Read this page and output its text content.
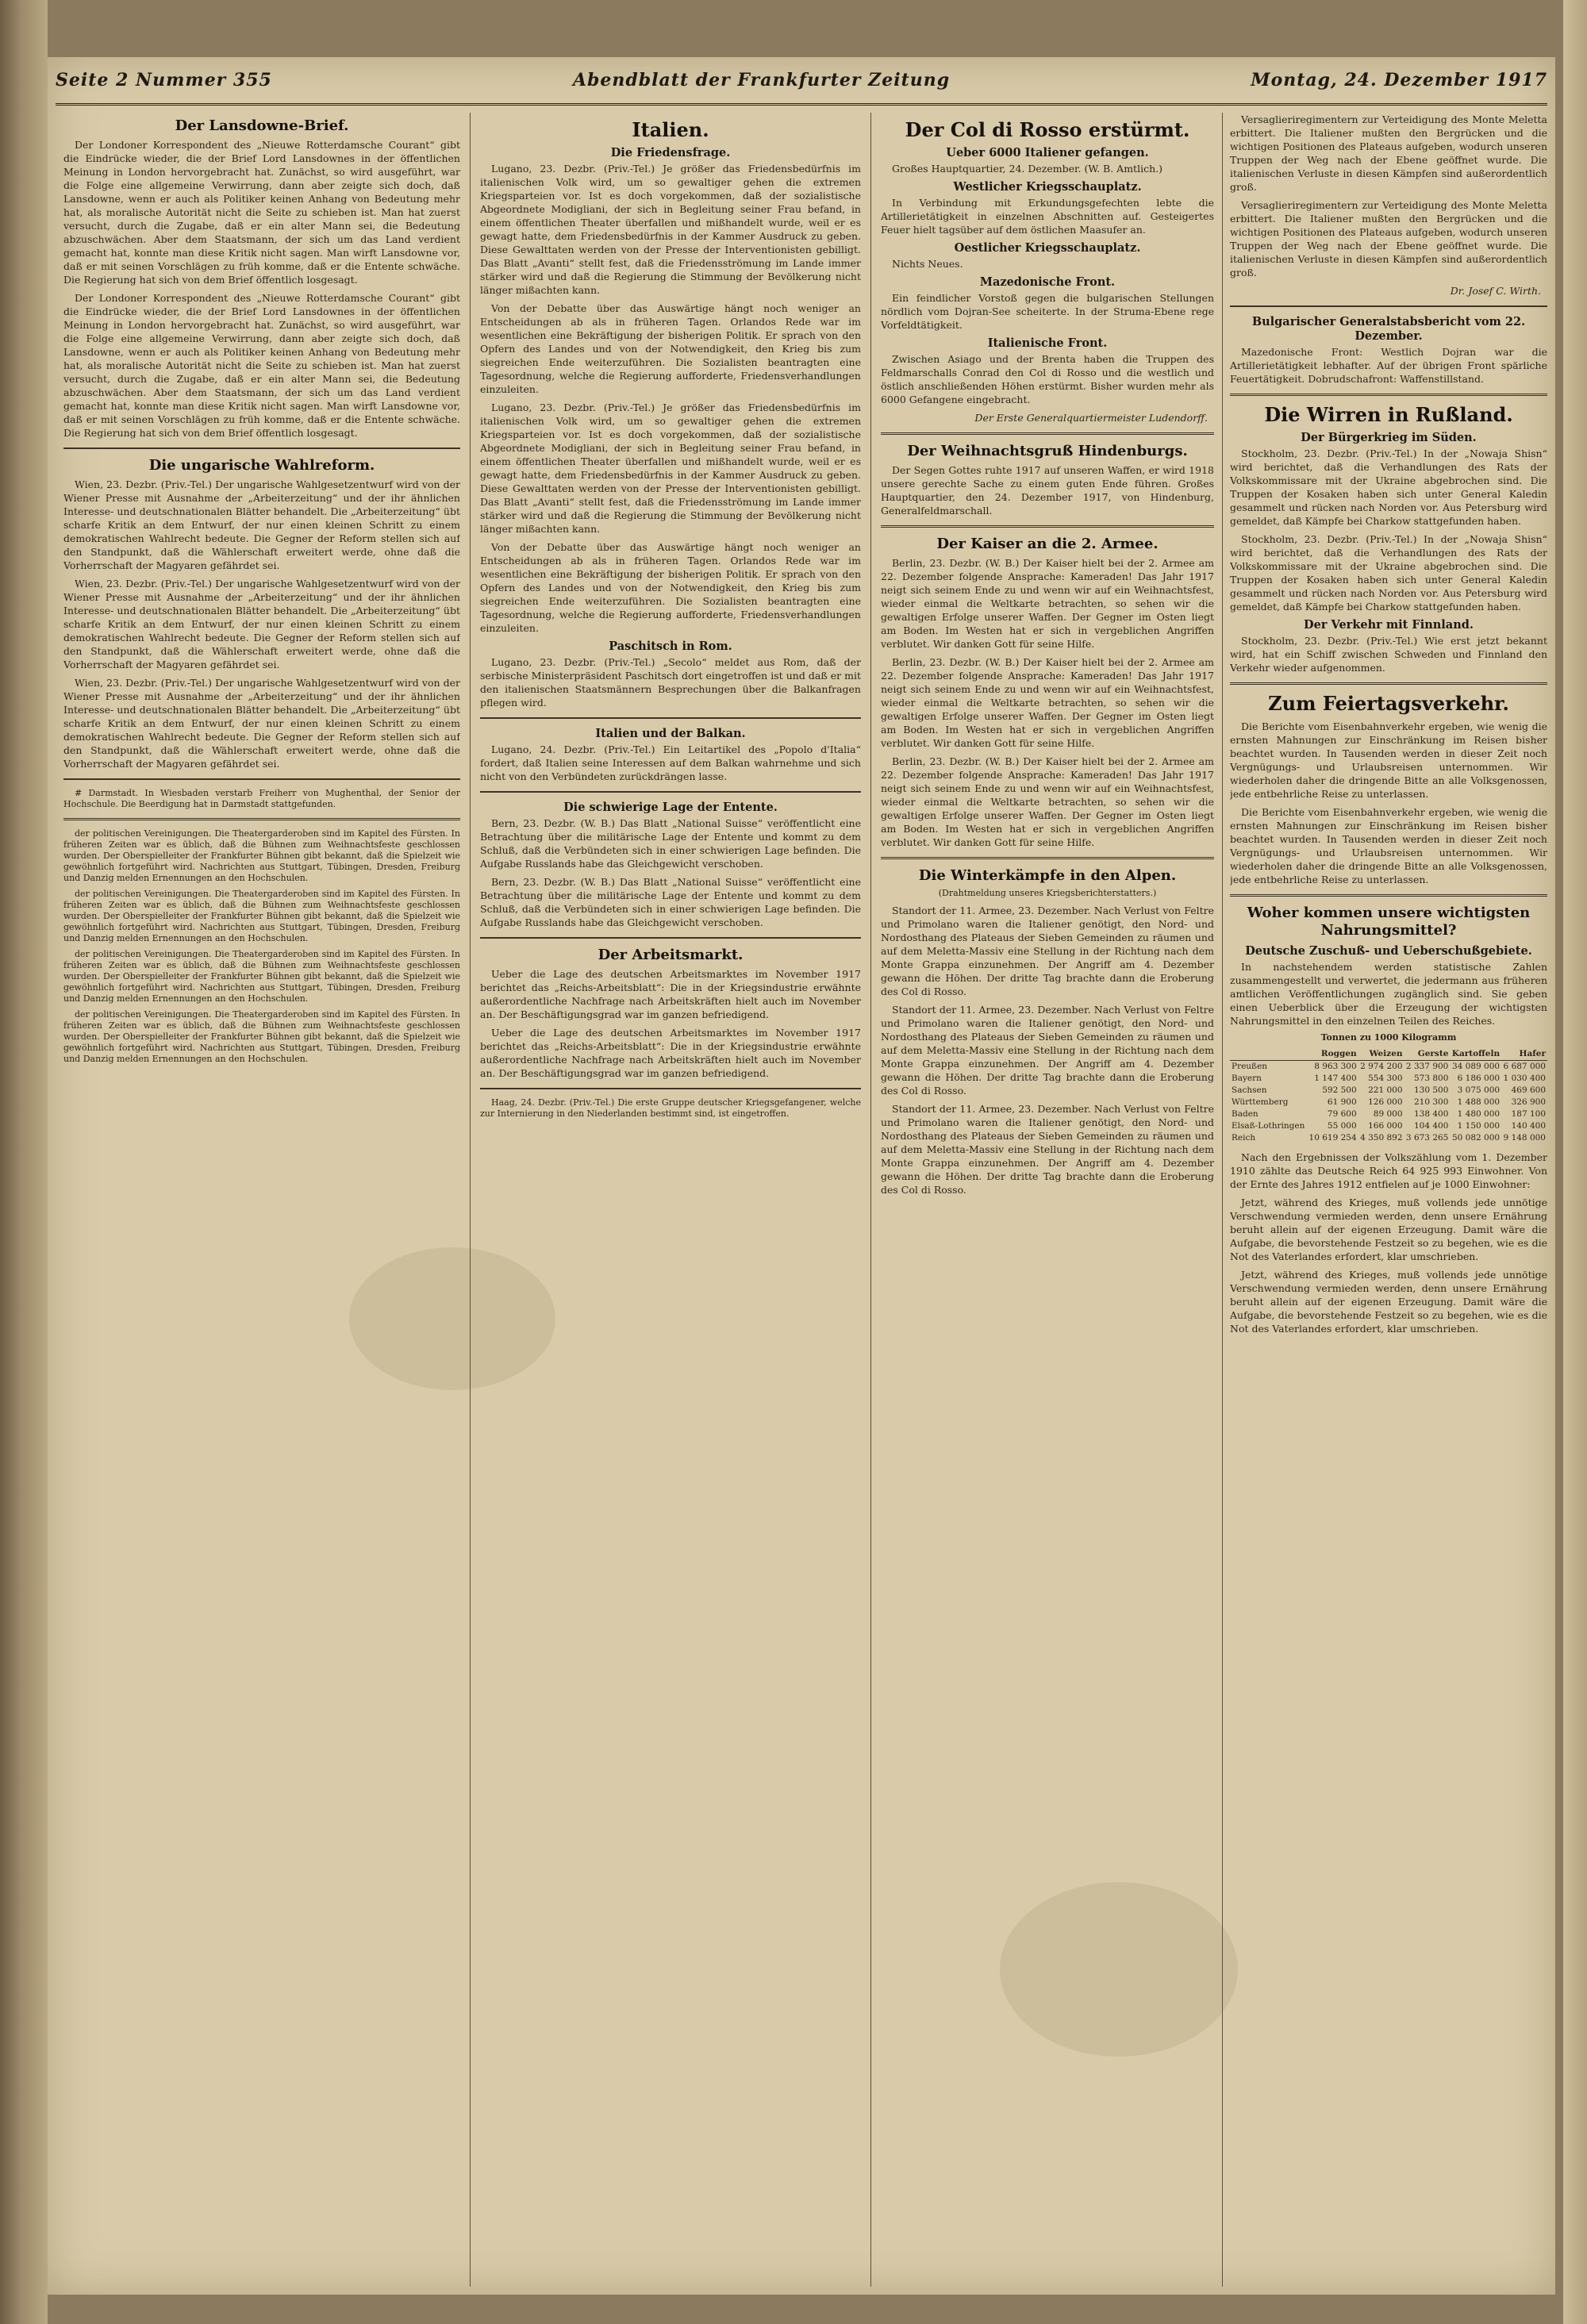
Seite 2 Nummer 355	Abendblatt der Frankfurter Zeitung	Montag, 24. Dezember 1917
Der Lansdowne-Brief.

Der Londoner Korrespondent des „Nieuwe Rotterdamsche Courant“ gibt die Eindrücke wieder, die der Brief Lord Lansdownes in der öffentlichen Meinung in London hervorgebracht hat. Zunächst, so wird ausgeführt, war die Folge eine allgemeine Verwirrung, dann aber zeigte sich doch, daß Lansdowne, wenn er auch als Politiker keinen Anhang von Bedeutung mehr hat, als moralische Autorität nicht die Seite zu schieben ist. Man hat zuerst versucht, durch die Zugabe, daß er ein alter Mann sei, die Bedeutung abzuschwächen. Aber dem Staatsmann, der sich um das Land verdient gemacht hat, konnte man diese Kritik nicht sagen. Man wirft Lansdowne vor, daß er mit seinen Vorschlägen zu früh komme, daß er die Entente schwäche. Die Regierung hat sich von dem Brief öffentlich losgesagt.

Der Londoner Korrespondent des „Nieuwe Rotterdamsche Courant“ gibt die Eindrücke wieder, die der Brief Lord Lansdownes in der öffentlichen Meinung in London hervorgebracht hat. Zunächst, so wird ausgeführt, war die Folge eine allgemeine Verwirrung, dann aber zeigte sich doch, daß Lansdowne, wenn er auch als Politiker keinen Anhang von Bedeutung mehr hat, als moralische Autorität nicht die Seite zu schieben ist. Man hat zuerst versucht, durch die Zugabe, daß er ein alter Mann sei, die Bedeutung abzuschwächen. Aber dem Staatsmann, der sich um das Land verdient gemacht hat, konnte man diese Kritik nicht sagen. Man wirft Lansdowne vor, daß er mit seinen Vorschlägen zu früh komme, daß er die Entente schwäche. Die Regierung hat sich von dem Brief öffentlich losgesagt.

Die ungarische Wahlreform.

Wien, 23. Dezbr. (Priv.-Tel.) Der ungarische Wahlgesetzentwurf wird von der Wiener Presse mit Ausnahme der „Arbeiterzeitung“ und der ihr ähnlichen Interesse- und deutschnationalen Blätter behandelt. Die „Arbeiterzeitung“ übt scharfe Kritik an dem Entwurf, der nur einen kleinen Schritt zu einem demokratischen Wahlrecht bedeute. Die Gegner der Reform stellen sich auf den Standpunkt, daß die Wählerschaft erweitert werde, ohne daß die Vorherrschaft der Magyaren gefährdet sei.

Wien, 23. Dezbr. (Priv.-Tel.) Der ungarische Wahlgesetzentwurf wird von der Wiener Presse mit Ausnahme der „Arbeiterzeitung“ und der ihr ähnlichen Interesse- und deutschnationalen Blätter behandelt. Die „Arbeiterzeitung“ übt scharfe Kritik an dem Entwurf, der nur einen kleinen Schritt zu einem demokratischen Wahlrecht bedeute. Die Gegner der Reform stellen sich auf den Standpunkt, daß die Wählerschaft erweitert werde, ohne daß die Vorherrschaft der Magyaren gefährdet sei.

Wien, 23. Dezbr. (Priv.-Tel.) Der ungarische Wahlgesetzentwurf wird von der Wiener Presse mit Ausnahme der „Arbeiterzeitung“ und der ihr ähnlichen Interesse- und deutschnationalen Blätter behandelt. Die „Arbeiterzeitung“ übt scharfe Kritik an dem Entwurf, der nur einen kleinen Schritt zu einem demokratischen Wahlrecht bedeute. Die Gegner der Reform stellen sich auf den Standpunkt, daß die Wählerschaft erweitert werde, ohne daß die Vorherrschaft der Magyaren gefährdet sei.

# Darmstadt. In Wiesbaden verstarb Freiherr von Mughenthal, der Senior der Hochschule. Die Beerdigung hat in Darmstadt stattgefunden.

der politischen Vereinigungen. Die Theatergarderoben sind im Kapitel des Fürsten. In früheren Zeiten war es üblich, daß die Bühnen zum Weihnachtsfeste geschlossen wurden. Der Oberspielleiter der Frankfurter Bühnen gibt bekannt, daß die Spielzeit wie gewöhnlich fortgeführt wird. Nachrichten aus Stuttgart, Tübingen, Dresden, Freiburg und Danzig melden Ernennungen an den Hochschulen.

der politischen Vereinigungen. Die Theatergarderoben sind im Kapitel des Fürsten. In früheren Zeiten war es üblich, daß die Bühnen zum Weihnachtsfeste geschlossen wurden. Der Oberspielleiter der Frankfurter Bühnen gibt bekannt, daß die Spielzeit wie gewöhnlich fortgeführt wird. Nachrichten aus Stuttgart, Tübingen, Dresden, Freiburg und Danzig melden Ernennungen an den Hochschulen.

der politischen Vereinigungen. Die Theatergarderoben sind im Kapitel des Fürsten. In früheren Zeiten war es üblich, daß die Bühnen zum Weihnachtsfeste geschlossen wurden. Der Oberspielleiter der Frankfurter Bühnen gibt bekannt, daß die Spielzeit wie gewöhnlich fortgeführt wird. Nachrichten aus Stuttgart, Tübingen, Dresden, Freiburg und Danzig melden Ernennungen an den Hochschulen.

der politischen Vereinigungen. Die Theatergarderoben sind im Kapitel des Fürsten. In früheren Zeiten war es üblich, daß die Bühnen zum Weihnachtsfeste geschlossen wurden. Der Oberspielleiter der Frankfurter Bühnen gibt bekannt, daß die Spielzeit wie gewöhnlich fortgeführt wird. Nachrichten aus Stuttgart, Tübingen, Dresden, Freiburg und Danzig melden Ernennungen an den Hochschulen.

Italien.
Die Friedensfrage.

Lugano, 23. Dezbr. (Priv.-Tel.) Je größer das Friedensbedürfnis im italienischen Volk wird, um so gewaltiger gehen die extremen Kriegsparteien vor. Ist es doch vorgekommen, daß der sozialistische Abgeordnete Modigliani, der sich in Begleitung seiner Frau befand, in einem öffentlichen Theater überfallen und mißhandelt wurde, weil er es gewagt hatte, dem Friedensbedürfnis in der Kammer Ausdruck zu geben. Diese Gewalttaten werden von der Presse der Interventionisten gebilligt. Das Blatt „Avanti“ stellt fest, daß die Friedensströmung im Lande immer stärker wird und daß die Regierung die Stimmung der Bevölkerung nicht länger mißachten kann.

Von der Debatte über das Auswärtige hängt noch weniger an Entscheidungen ab als in früheren Tagen. Orlandos Rede war im wesentlichen eine Bekräftigung der bisherigen Politik. Er sprach von den Opfern des Landes und von der Notwendigkeit, den Krieg bis zum siegreichen Ende weiterzuführen. Die Sozialisten beantragten eine Tagesordnung, welche die Regierung aufforderte, Friedensverhandlungen einzuleiten.

Lugano, 23. Dezbr. (Priv.-Tel.) Je größer das Friedensbedürfnis im italienischen Volk wird, um so gewaltiger gehen die extremen Kriegsparteien vor. Ist es doch vorgekommen, daß der sozialistische Abgeordnete Modigliani, der sich in Begleitung seiner Frau befand, in einem öffentlichen Theater überfallen und mißhandelt wurde, weil er es gewagt hatte, dem Friedensbedürfnis in der Kammer Ausdruck zu geben. Diese Gewalttaten werden von der Presse der Interventionisten gebilligt. Das Blatt „Avanti“ stellt fest, daß die Friedensströmung im Lande immer stärker wird und daß die Regierung die Stimmung der Bevölkerung nicht länger mißachten kann.

Von der Debatte über das Auswärtige hängt noch weniger an Entscheidungen ab als in früheren Tagen. Orlandos Rede war im wesentlichen eine Bekräftigung der bisherigen Politik. Er sprach von den Opfern des Landes und von der Notwendigkeit, den Krieg bis zum siegreichen Ende weiterzuführen. Die Sozialisten beantragten eine Tagesordnung, welche die Regierung aufforderte, Friedensverhandlungen einzuleiten.

Paschitsch in Rom.

Lugano, 23. Dezbr. (Priv.-Tel.) „Secolo“ meldet aus Rom, daß der serbische Ministerpräsident Paschitsch dort eingetroffen ist und daß er mit den italienischen Staatsmännern Besprechungen über die Balkanfragen pflegen wird.

Italien und der Balkan.

Lugano, 24. Dezbr. (Priv.-Tel.) Ein Leitartikel des „Popolo d'Italia“ fordert, daß Italien seine Interessen auf dem Balkan wahrnehme und sich nicht von den Verbündeten zurückdrängen lasse.

Die schwierige Lage der Entente.

Bern, 23. Dezbr. (W. B.) Das Blatt „National Suisse“ veröffentlicht eine Betrachtung über die militärische Lage der Entente und kommt zu dem Schluß, daß die Verbündeten sich in einer schwierigen Lage befinden. Die Aufgabe Russlands habe das Gleichgewicht verschoben.

Bern, 23. Dezbr. (W. B.) Das Blatt „National Suisse“ veröffentlicht eine Betrachtung über die militärische Lage der Entente und kommt zu dem Schluß, daß die Verbündeten sich in einer schwierigen Lage befinden. Die Aufgabe Russlands habe das Gleichgewicht verschoben.

Der Arbeitsmarkt.

Ueber die Lage des deutschen Arbeitsmarktes im November 1917 berichtet das „Reichs-Arbeitsblatt“: Die in der Kriegsindustrie erwähnte außerordentliche Nachfrage nach Arbeitskräften hielt auch im November an. Der Beschäftigungsgrad war im ganzen befriedigend.

Ueber die Lage des deutschen Arbeitsmarktes im November 1917 berichtet das „Reichs-Arbeitsblatt“: Die in der Kriegsindustrie erwähnte außerordentliche Nachfrage nach Arbeitskräften hielt auch im November an. Der Beschäftigungsgrad war im ganzen befriedigend.

Haag, 24. Dezbr. (Priv.-Tel.) Die erste Gruppe deutscher Kriegsgefangener, welche zur Internierung in den Niederlanden bestimmt sind, ist eingetroffen.

Der Col di Rosso erstürmt.
Ueber 6000 Italiener gefangen.

Großes Hauptquartier, 24. Dezember. (W. B. Amtlich.)

Westlicher Kriegsschauplatz.

In Verbindung mit Erkundungsgefechten lebte die Artillerietätigkeit in einzelnen Abschnitten auf. Gesteigertes Feuer hielt tagsüber auf dem östlichen Maasufer an.

Oestlicher Kriegsschauplatz.

Nichts Neues.

Mazedonische Front.

Ein feindlicher Vorstoß gegen die bulgarischen Stellungen nördlich vom Dojran-See scheiterte. In der Struma-Ebene rege Vorfeldtätigkeit.

Italienische Front.

Zwischen Asiago und der Brenta haben die Truppen des Feldmarschalls Conrad den Col di Rosso und die westlich und östlich anschließenden Höhen erstürmt. Bisher wurden mehr als 6000 Gefangene eingebracht.

Der Erste Generalquartiermeister Ludendorff.

Der Weihnachtsgruß Hindenburgs.

Der Segen Gottes ruhte 1917 auf unseren Waffen, er wird 1918 unsere gerechte Sache zu einem guten Ende führen. Großes Hauptquartier, den 24. Dezember 1917, von Hindenburg, Generalfeldmarschall.

Der Kaiser an die 2. Armee.

Berlin, 23. Dezbr. (W. B.) Der Kaiser hielt bei der 2. Armee am 22. Dezember folgende Ansprache: Kameraden! Das Jahr 1917 neigt sich seinem Ende zu und wenn wir auf ein Weihnachtsfest, wieder einmal die Weltkarte betrachten, so sehen wir die gewaltigen Erfolge unserer Waffen. Der Gegner im Osten liegt am Boden. Im Westen hat er sich in vergeblichen Angriffen verblutet. Wir danken Gott für seine Hilfe.

Berlin, 23. Dezbr. (W. B.) Der Kaiser hielt bei der 2. Armee am 22. Dezember folgende Ansprache: Kameraden! Das Jahr 1917 neigt sich seinem Ende zu und wenn wir auf ein Weihnachtsfest, wieder einmal die Weltkarte betrachten, so sehen wir die gewaltigen Erfolge unserer Waffen. Der Gegner im Osten liegt am Boden. Im Westen hat er sich in vergeblichen Angriffen verblutet. Wir danken Gott für seine Hilfe.

Berlin, 23. Dezbr. (W. B.) Der Kaiser hielt bei der 2. Armee am 22. Dezember folgende Ansprache: Kameraden! Das Jahr 1917 neigt sich seinem Ende zu und wenn wir auf ein Weihnachtsfest, wieder einmal die Weltkarte betrachten, so sehen wir die gewaltigen Erfolge unserer Waffen. Der Gegner im Osten liegt am Boden. Im Westen hat er sich in vergeblichen Angriffen verblutet. Wir danken Gott für seine Hilfe.

Die Winterkämpfe in den Alpen.

(Drahtmeldung unseres Kriegsberichterstatters.)

Standort der 11. Armee, 23. Dezember. Nach Verlust von Feltre und Primolano waren die Italiener genötigt, den Nord- und Nordosthang des Plateaus der Sieben Gemeinden zu räumen und auf dem Meletta-Massiv eine Stellung in der Richtung nach dem Monte Grappa einzunehmen. Der Angriff am 4. Dezember gewann die Höhen. Der dritte Tag brachte dann die Eroberung des Col di Rosso.

Standort der 11. Armee, 23. Dezember. Nach Verlust von Feltre und Primolano waren die Italiener genötigt, den Nord- und Nordosthang des Plateaus der Sieben Gemeinden zu räumen und auf dem Meletta-Massiv eine Stellung in der Richtung nach dem Monte Grappa einzunehmen. Der Angriff am 4. Dezember gewann die Höhen. Der dritte Tag brachte dann die Eroberung des Col di Rosso.

Standort der 11. Armee, 23. Dezember. Nach Verlust von Feltre und Primolano waren die Italiener genötigt, den Nord- und Nordosthang des Plateaus der Sieben Gemeinden zu räumen und auf dem Meletta-Massiv eine Stellung in der Richtung nach dem Monte Grappa einzunehmen. Der Angriff am 4. Dezember gewann die Höhen. Der dritte Tag brachte dann die Eroberung des Col di Rosso.

Versaglieriregimentern zur Verteidigung des Monte Meletta erbittert. Die Italiener mußten den Bergrücken und die wichtigen Positionen des Plateaus aufgeben, wodurch unseren Truppen der Weg nach der Ebene geöffnet wurde. Die italienischen Verluste in diesen Kämpfen sind außerordentlich groß.

Versaglieriregimentern zur Verteidigung des Monte Meletta erbittert. Die Italiener mußten den Bergrücken und die wichtigen Positionen des Plateaus aufgeben, wodurch unseren Truppen der Weg nach der Ebene geöffnet wurde. Die italienischen Verluste in diesen Kämpfen sind außerordentlich groß.

Dr. Josef C. Wirth.

Bulgarischer Generalstabsbericht vom 22. Dezember.

Mazedonische Front: Westlich Dojran war die Artillerietätigkeit lebhafter. Auf der übrigen Front spärliche Feuertätigkeit. Dobrudschafront: Waffenstillstand.

Die Wirren in Rußland.
Der Bürgerkrieg im Süden.

Stockholm, 23. Dezbr. (Priv.-Tel.) In der „Nowaja Shisn“ wird berichtet, daß die Verhandlungen des Rats der Volkskommissare mit der Ukraine abgebrochen sind. Die Truppen der Kosaken haben sich unter General Kaledin gesammelt und rücken nach Norden vor. Aus Petersburg wird gemeldet, daß Kämpfe bei Charkow stattgefunden haben.

Stockholm, 23. Dezbr. (Priv.-Tel.) In der „Nowaja Shisn“ wird berichtet, daß die Verhandlungen des Rats der Volkskommissare mit der Ukraine abgebrochen sind. Die Truppen der Kosaken haben sich unter General Kaledin gesammelt und rücken nach Norden vor. Aus Petersburg wird gemeldet, daß Kämpfe bei Charkow stattgefunden haben.

Der Verkehr mit Finnland.

Stockholm, 23. Dezbr. (Priv.-Tel.) Wie erst jetzt bekannt wird, hat ein Schiff zwischen Schweden und Finnland den Verkehr wieder aufgenommen.

Zum Feiertagsverkehr.

Die Berichte vom Eisenbahnverkehr ergeben, wie wenig die ernsten Mahnungen zur Einschränkung im Reisen bisher beachtet wurden. In Tausenden werden in dieser Zeit noch Vergnügungs- und Urlaubsreisen unternommen. Wir wiederholen daher die dringende Bitte an alle Volksgenossen, jede entbehrliche Reise zu unterlassen.

Die Berichte vom Eisenbahnverkehr ergeben, wie wenig die ernsten Mahnungen zur Einschränkung im Reisen bisher beachtet wurden. In Tausenden werden in dieser Zeit noch Vergnügungs- und Urlaubsreisen unternommen. Wir wiederholen daher die dringende Bitte an alle Volksgenossen, jede entbehrliche Reise zu unterlassen.

Woher kommen unsere wichtigsten Nahrungsmittel?
Deutsche Zuschuß- und Ueberschußgebiete.

In nachstehendem werden statistische Zahlen zusammengestellt und verwertet, die jedermann aus früheren amtlichen Veröffentlichungen zugänglich sind. Sie geben einen Ueberblick über die Erzeugung der wichtigsten Nahrungsmittel in den einzelnen Teilen des Reiches.

Tonnen zu 1000 Kilogramm

	Roggen	Weizen	Gerste	Kartoffeln	Hafer
Preußen	8 963 300	2 974 200	2 337 900	34 089 000	6 687 000
Bayern	1 147 400	554 300	573 800	6 186 000	1 030 400
Sachsen	592 500	221 000	130 500	3 075 000	469 600
Württemberg	61 900	126 000	210 300	1 488 000	326 900
Baden	79 600	89 000	138 400	1 480 000	187 100
Elsaß-Lothringen	55 000	166 000	104 400	1 150 000	140 400
Reich	10 619 254	4 350 892	3 673 265	50 082 000	9 148 000

Nach den Ergebnissen der Volkszählung vom 1. Dezember 1910 zählte das Deutsche Reich 64 925 993 Einwohner. Von der Ernte des Jahres 1912 entfielen auf je 1000 Einwohner:

Jetzt, während des Krieges, muß vollends jede unnötige Verschwendung vermieden werden, denn unsere Ernährung beruht allein auf der eigenen Erzeugung. Damit wäre die Aufgabe, die bevorstehende Festzeit so zu begehen, wie es die Not des Vaterlandes erfordert, klar umschrieben.

Jetzt, während des Krieges, muß vollends jede unnötige Verschwendung vermieden werden, denn unsere Ernährung beruht allein auf der eigenen Erzeugung. Damit wäre die Aufgabe, die bevorstehende Festzeit so zu begehen, wie es die Not des Vaterlandes erfordert, klar umschrieben.
